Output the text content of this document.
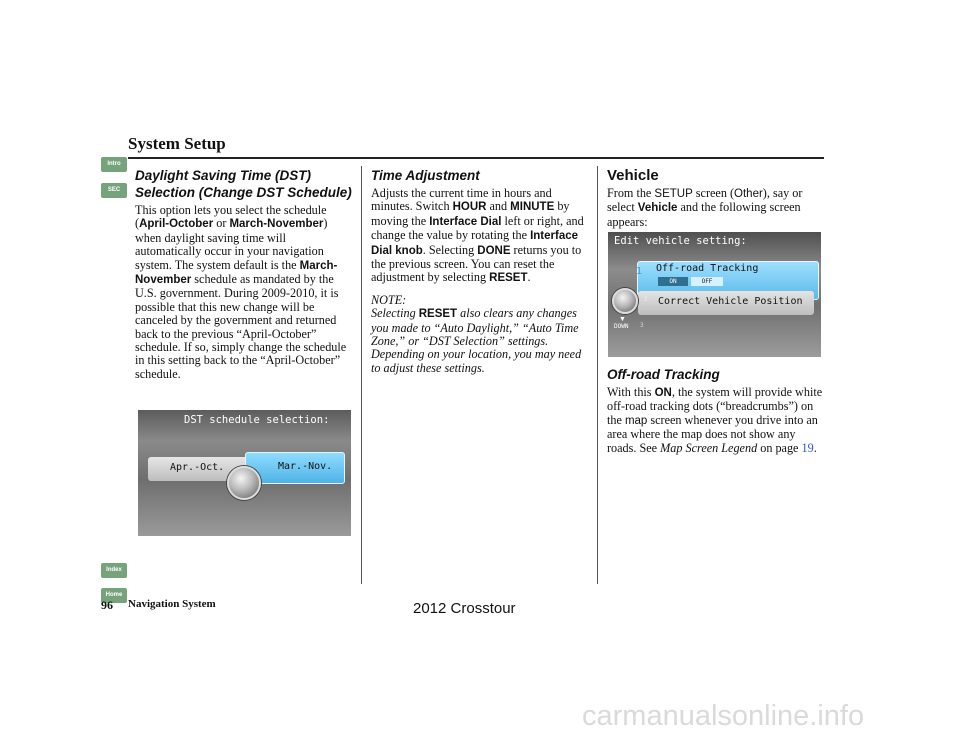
System Setup
Intro
SEC
Index
Home
Daylight Saving Time (DST) Selection (Change DST Schedule)

This option lets you select the schedule (April-October or March-November) when daylight saving time will automatically occur in your navigation system. The system default is the March-November schedule as mandated by the U.S. government. During 2009-2010, it is possible that this new change will be canceled by the government and returned back to the previous “April-October” schedule. If so, simply change the schedule in this setting back to the “April-October” schedule.

DST schedule selection:
Apr.-Oct.	Mar.-Nov.
Time Adjustment

Adjusts the current time in hours and minutes. Switch HOUR and MINUTE by moving the Interface Dial left or right, and change the value by rotating the Interface Dial knob. Selecting DONE returns you to the previous screen. You can reset the adjustment by selecting RESET.

NOTE:
Selecting RESET also clears any changes you made to “Auto Daylight,” “Auto Time Zone,” or “DST Selection” settings. Depending on your location, you may need to adjust these settings.

Vehicle

From the SETUP screen (Other), say or select Vehicle and the following screen appears:

Edit vehicle setting:
Off-road Tracking
ON	OFF
Correct Vehicle Position
1
2
3
▼
DOWN
Off-road Tracking

With this ON, the system will provide white off-road tracking dots (“breadcrumbs”) on the map screen whenever you drive into an area where the map does not show any roads. See Map Screen Legend on page 19.

96 Navigation System	2012 Crosstour
carmanualsonline.info
